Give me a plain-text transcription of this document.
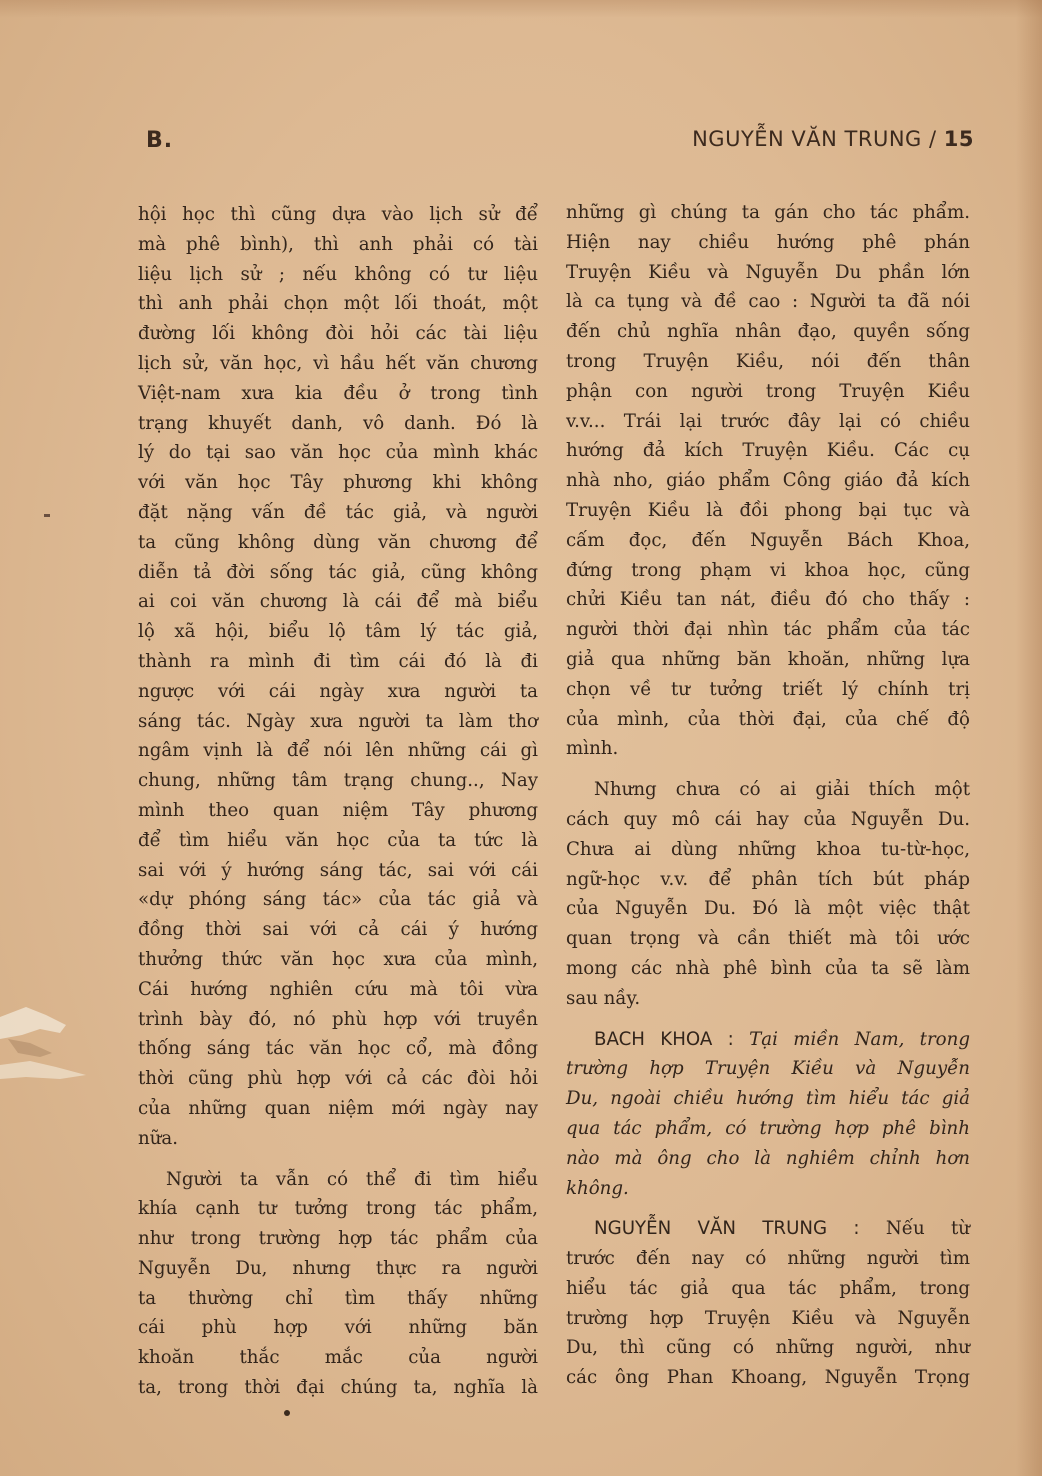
B.	NGUYỄN VĂN TRUNG / 15
hội học thì cũng dựa vào lịch sử để
mà phê bình), thì anh phải có tài
liệu lịch sử ; nếu không có tư liệu
thì anh phải chọn một lối thoát, một
đường lối không đòi hỏi các tài liệu
lịch sử, văn học, vì hầu hết văn chương
Việt-nam xưa kia đều ở trong tình
trạng khuyết danh, vô danh. Đó là
lý do tại sao văn học của mình khác
với văn học Tây phương khi không
đặt nặng vấn đề tác giả, và người
ta cũng không dùng văn chương để
diễn tả đời sống tác giả, cũng không
ai coi văn chương là cái để mà biểu
lộ xã hội, biểu lộ tâm lý tác giả,
thành ra mình đi tìm cái đó là đi
ngược với cái ngày xưa người ta
sáng tác. Ngày xưa người ta làm thơ
ngâm vịnh là để nói lên những cái gì
chung, những tâm trạng chung.., Nay
mình theo quan niệm Tây phương
để tìm hiểu văn học của ta tức là
sai với ý hướng sáng tác, sai với cái
«dự phóng sáng tác» của tác giả và
đồng thời sai với cả cái ý hướng
thưởng thức văn học xưa của mình,
Cái hướng nghiên cứu mà tôi vừa
trình bày đó, nó phù hợp với truyền
thống sáng tác văn học cổ, mà đồng
thời cũng phù hợp với cả các đòi hỏi
của những quan niệm mới ngày nay
nữa.
Người ta vẫn có thể đi tìm hiểu
khía cạnh tư tưởng trong tác phẩm,
như trong trường hợp tác phẩm của
Nguyễn Du, nhưng thực ra người
ta thường chỉ tìm thấy những
cái phù hợp với những băn
khoăn thắc mắc của người
ta, trong thời đại chúng ta, nghĩa là
những gì chúng ta gán cho tác phẩm.
Hiện nay chiều hướng phê phán
Truyện Kiều và Nguyễn Du phần lớn
là ca tụng và đề cao : Người ta đã nói
đến chủ nghĩa nhân đạo, quyền sống
trong Truyện Kiều, nói đến thân
phận con người trong Truyện Kiều
v.v... Trái lại trước đây lại có chiều
hướng đả kích Truyện Kiều. Các cụ
nhà nho, giáo phẩm Công giáo đả kích
Truyện Kiều là đồi phong bại tục và
cấm đọc, đến Nguyễn Bách Khoa,
đứng trong phạm vi khoa học, cũng
chửi Kiều tan nát, điều đó cho thấy :
người thời đại nhìn tác phẩm của tác
giả qua những băn khoăn, những lựa
chọn về tư tưởng triết lý chính trị
của mình, của thời đại, của chế độ
mình.
Nhưng chưa có ai giải thích một
cách quy mô cái hay của Nguyễn Du.
Chưa ai dùng những khoa tu-từ-học,
ngữ-học v.v. để phân tích bút pháp
của Nguyễn Du. Đó là một việc thật
quan trọng và cần thiết mà tôi ước
mong các nhà phê bình của ta sẽ làm
sau nầy.
BACH KHOA : Tại miền Nam, trong
trường hợp Truyện Kiều và Nguyễn
Du, ngoài chiều hướng tìm hiểu tác giả
qua tác phẩm, có trường hợp phê bình
nào mà ông cho là nghiêm chỉnh hơn
không.
NGUYỄN VĂN TRUNG : Nếu từ
trước đến nay có những người tìm
hiểu tác giả qua tác phẩm, trong
trường hợp Truyện Kiều và Nguyễn
Du, thì cũng có những người, như
các ông Phan Khoang, Nguyễn Trọng
